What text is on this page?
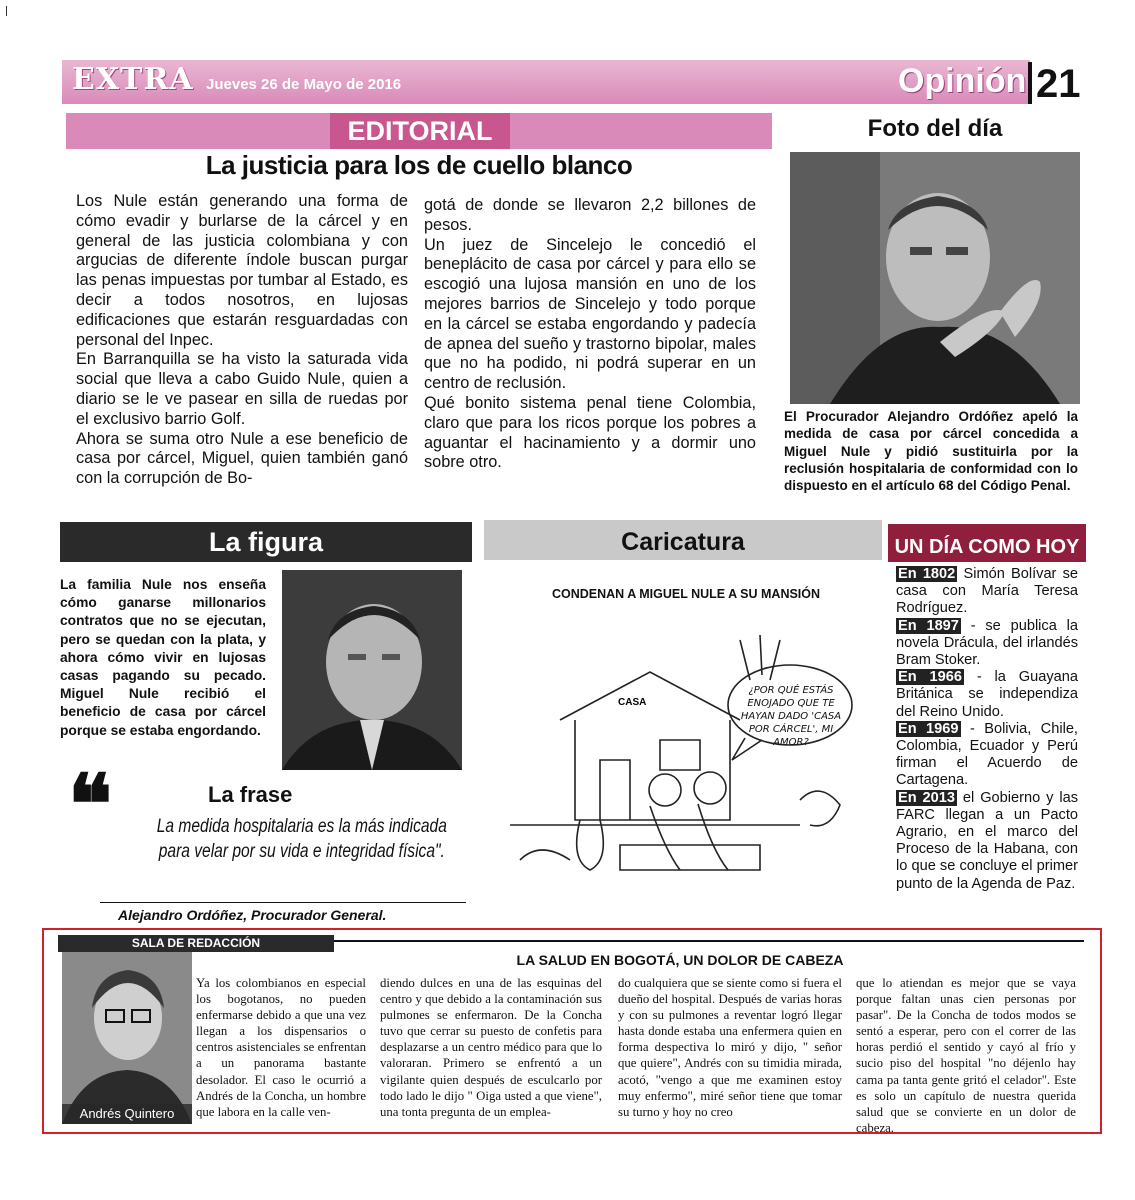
EXTRA Jueves 26 de Mayo de 2016	Opinión 21
EDITORIAL
La justicia para los de cuello blanco

Los Nule están generando una forma de cómo evadir y burlarse de la cárcel y en general de las justicia colombiana y con argucias de diferente índole buscan purgar las penas impuestas por tumbar al Estado, es decir a todos nosotros, en lujosas edificaciones que estarán resguardadas con personal del Inpec.

En Barranquilla se ha visto la saturada vida social que lleva a cabo Guido Nule, quien a diario se le ve pasear en silla de ruedas por el exclusivo barrio Golf.

Ahora se suma otro Nule a ese beneficio de casa por cárcel, Miguel, quien también ganó con la corrupción de Bo-

gotá de donde se llevaron 2,2 billones de pesos.

Un juez de Sincelejo le concedió el beneplácito de casa por cárcel y para ello se escogió una lujosa mansión en uno de los mejores barrios de Sincelejo y todo porque en la cárcel se estaba engordando y padecía de apnea del sueño y trastorno bipolar, males que no ha podido, ni podrá superar en un centro de reclusión.

Qué bonito sistema penal tiene Colombia, claro que para los ricos porque los pobres a aguantar el hacinamiento y a dormir uno sobre otro.

Foto del día
El Procurador Alejandro Ordóñez apeló la medida de casa por cárcel concedida a Miguel Nule y pidió sustituirla por la reclusión hospitalaria de conformidad con lo dispuesto en el artículo 68 del Código Penal.
La figura
La familia Nule nos enseña cómo ganarse millonarios contratos que no se ejecutan, pero se quedan con la plata, y ahora cómo vivir en lujosas casas pagando su pecado. Miguel Nule recibió el beneficio de casa por cárcel porque se estaba engordando.
❝	La frase
La medida hospitalaria es la más indicada para velar por su vida e integridad física".
Alejandro Ordóñez, Procurador General.
Caricatura
CONDENAN A MIGUEL NULE A SU MANSIÓN
CASA
¿POR QUÉ ESTÁS ENOJADO QUE TE HAYAN DADO 'CASA POR CÁRCEL', MI AMOR?
UN DÍA COMO HOY

En 1802 Simón Bolívar se casa con María Teresa Rodríguez.

En 1897 - se publica la novela Drácula, del irlandés Bram Stoker.

En 1966 - la Guayana Británica se independiza del Reino Unido.

En 1969 - Bolivia, Chile, Colombia, Ecuador y Perú firman el Acuerdo de Cartagena.

En 2013 el Gobierno y las FARC llegan a un Pacto Agrario, en el marco del Proceso de la Habana, con lo que se concluye el primer punto de la Agenda de Paz.

SALA DE REDACCIÓN
LA SALUD EN BOGOTÁ, UN DOLOR DE CABEZA
Andrés Quintero
Ya los colombianos en especial los bogotanos, no pueden enfermarse debido a que una vez llegan a los dispensarios o centros asistenciales se enfrentan a un panorama bastante desolador. El caso le ocurrió a Andrés de la Concha, un hombre que labora en la calle ven-
diendo dulces en una de las esquinas del centro y que debido a la contaminación sus pulmones se enfermaron. De la Concha tuvo que cerrar su puesto de confetis para desplazarse a un centro médico para que lo valoraran. Primero se enfrentó a un vigilante quien después de esculcarlo por todo lado le dijo " Oiga usted a que viene", una tonta pregunta de un emplea-
do cualquiera que se siente como si fuera el dueño del hospital. Después de varias horas y con su pulmones a reventar logró llegar hasta donde estaba una enfermera quien en forma despectiva lo miró y dijo, " señor que quiere", Andrés con su timidia mirada, acotó, "vengo a que me examinen estoy muy enfermo", miré señor tiene que tomar su turno y hoy no creo
que lo atiendan es mejor que se vaya porque faltan unas cien personas por pasar". De la Concha de todos modos se sentó a esperar, pero con el correr de las horas perdió el sentido y cayó al frío y sucio piso del hospital "no déjenlo hay cama pa tanta gente gritó el celador". Este es solo un capítulo de nuestra querida salud que se convierte en un dolor de cabeza.
